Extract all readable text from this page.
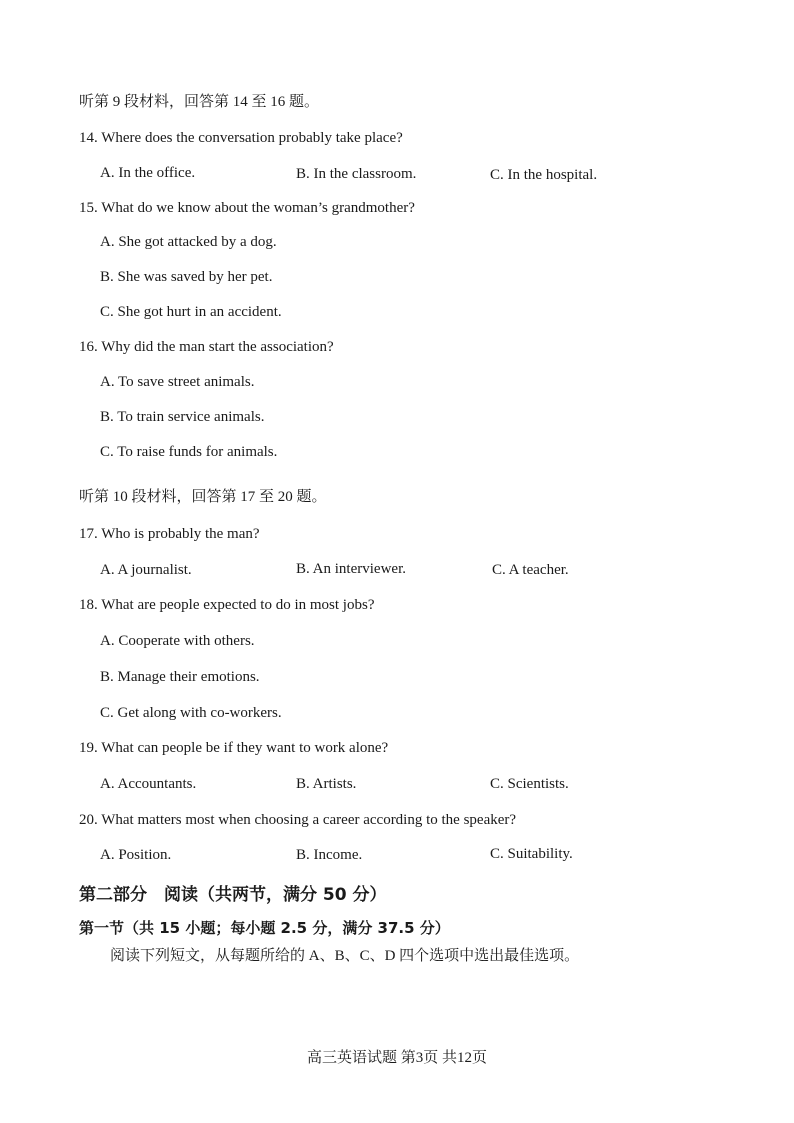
听第 9 段材料，回答第 14 至 16 题。
14. Where does the conversation probably take place?
A. In the office.	B. In the classroom.	C. In the hospital.
15. What do we know about the woman’s grandmother?
A. She got attacked by a dog.
B. She was saved by her pet.
C. She got hurt in an accident.
16. Why did the man start the association?
A. To save street animals.
B. To train service animals.
C. To raise funds for animals.
听第 10 段材料，回答第 17 至 20 题。
17. Who is probably the man?
A. A journalist.	B. An interviewer.	C. A teacher.
18. What are people expected to do in most jobs?
A. Cooperate with others.
B. Manage their emotions.
C. Get along with co-workers.
19. What can people be if they want to work alone?
A. Accountants.	B. Artists.	C. Scientists.
20. What matters most when choosing a career according to the speaker?
A. Position.	B. Income.	C. Suitability.
第二部分　阅读（共两节，满分 50 分）
第一节（共 15 小题；每小题 2.5 分，满分 37.5 分）
阅读下列短文，从每题所给的 A、B、C、D 四个选项中选出最佳选项。
高三英语试题 第3页 共12页
